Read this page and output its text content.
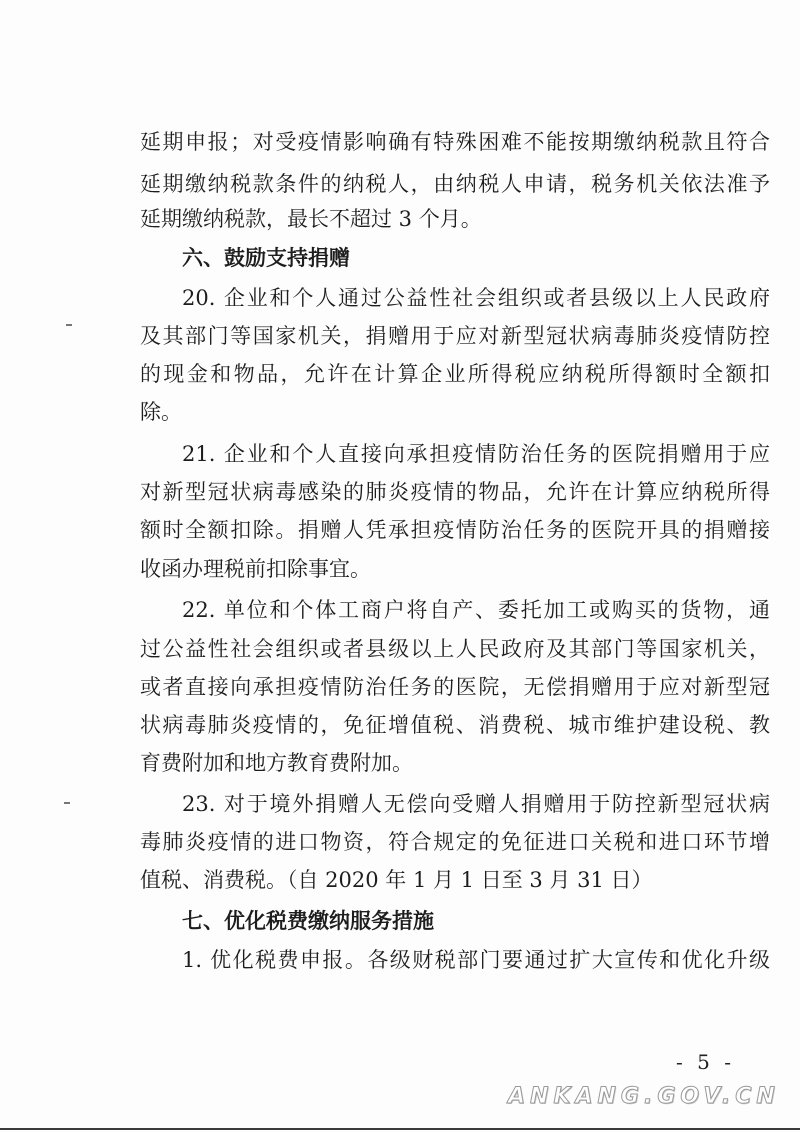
延期申报；对受疫情影响确有特殊困难不能按期缴纳税款且符合
延期缴纳税款条件的纳税人，由纳税人申请，税务机关依法准予
延期缴纳税款，最长不超过 3 个月。
六、鼓励支持捐赠
20. 企业和个人通过公益性社会组织或者县级以上人民政府
及其部门等国家机关，捐赠用于应对新型冠状病毒肺炎疫情防控
的现金和物品，允许在计算企业所得税应纳税所得额时全额扣
除。
21. 企业和个人直接向承担疫情防治任务的医院捐赠用于应
对新型冠状病毒感染的肺炎疫情的物品，允许在计算应纳税所得
额时全额扣除。捐赠人凭承担疫情防治任务的医院开具的捐赠接
收函办理税前扣除事宜。
22. 单位和个体工商户将自产、委托加工或购买的货物，通
过公益性社会组织或者县级以上人民政府及其部门等国家机关，
或者直接向承担疫情防治任务的医院，无偿捐赠用于应对新型冠
状病毒肺炎疫情的，免征增值税、消费税、城市维护建设税、教
育费附加和地方教育费附加。
23. 对于境外捐赠人无偿向受赠人捐赠用于防控新型冠状病
毒肺炎疫情的进口物资，符合规定的免征进口关税和进口环节增
值税、消费税。（自 2020 年 1 月 1 日至 3 月 31 日）
七、优化税费缴纳服务措施
1. 优化税费申报。各级财税部门要通过扩大宣传和优化升级
- 5 -
ANKANG.GOV.CN
